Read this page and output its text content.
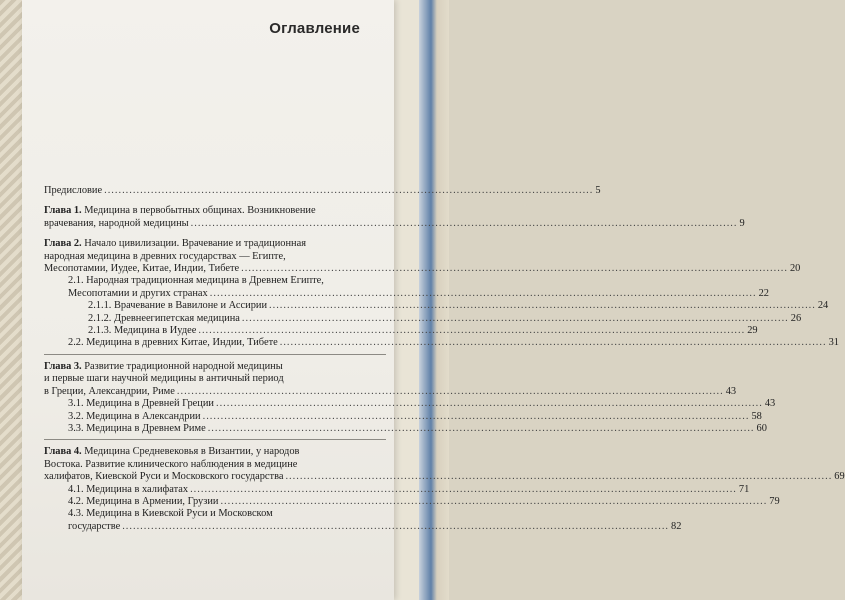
Оглавление
Предисловие ........................................................................................................................................ 5
Глава 1. Медицина в первобытных общинах. Возникновение
врачевания, народной медицины ........................................................................................................................................................ 9
Глава 2. Начало цивилизации. Врачевание и традиционная
народная медицина в древних государствах — Египте,
Месопотамии, Иудее, Китае, Индии, Тибете ........................................................................................................................................................ 20
2.1. Народная традиционная медицина в Древнем Египте,
Месопотамии и других странах ........................................................................................................................................................ 22
2.1.1. Врачевание в Вавилоне и Ассирии ........................................................................................................................................................ 24
2.1.2. Древнеегипетская медицина ........................................................................................................................................................ 26
2.1.3. Медицина в Иудее ........................................................................................................................................................ 29
2.2. Медицина в древних Китае, Индии, Тибете ........................................................................................................................................................ 31
Глава 3. Развитие традиционной народной медицины
и первые шаги научной медицины в античный период
в Греции, Александрии, Риме ........................................................................................................................................................ 43
3.1. Медицина в Древней Греции ........................................................................................................................................................ 43
3.2. Медицина в Александрии ........................................................................................................................................................ 58
3.3. Медицина в Древнем Риме ........................................................................................................................................................ 60
Глава 4. Медицина Средневековья в Византии, у народов
Востока. Развитие клинического наблюдения в медицине
халифатов, Киевской Руси и Московского государства ........................................................................................................................................................ 69
4.1. Медицина в халифатах ........................................................................................................................................................ 71
4.2. Медицина в Армении, Грузии ........................................................................................................................................................ 79
4.3. Медицина в Киевской Руси и Московском
государстве ........................................................................................................................................................ 82
